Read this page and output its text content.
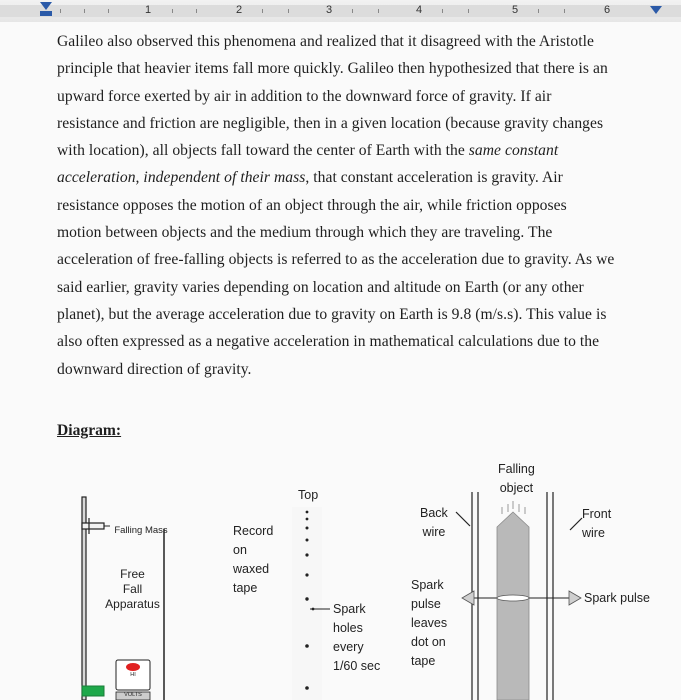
1	2	3	4	5	6
Galileo also observed this phenomena and realized that it disagreed with the Aristotle
principle that heavier items fall more quickly. Galileo then hypothesized that there is an
upward force exerted by air in addition to the downward force of gravity. If air
resistance and friction are negligible, then in a given location (because gravity changes
with location), all objects fall toward the center of Earth with the same constant
acceleration, independent of their mass, that constant acceleration is gravity. Air
resistance opposes the motion of an object through the air, while friction opposes
motion between objects and the medium through which they are traveling. The
acceleration of free-falling objects is referred to as the acceleration due to gravity. As we
said earlier, gravity varies depending on location and altitude on Earth (or any other
planet), but the average acceleration due to gravity on Earth is 9.8 (m/s.s). This value is
also often expressed as a negative acceleration in mathematical calculations due to the
downward direction of gravity.
Diagram:
Falling Mass
Free
Fall
Apparatus
Record
on
waxed
tape
Top
Spark
holes
every
1/60 sec
Back
wire
Spark
pulse
leaves
dot on
tape
Falling
object
Front
wire
Spark pulse
HI
VOLTS
